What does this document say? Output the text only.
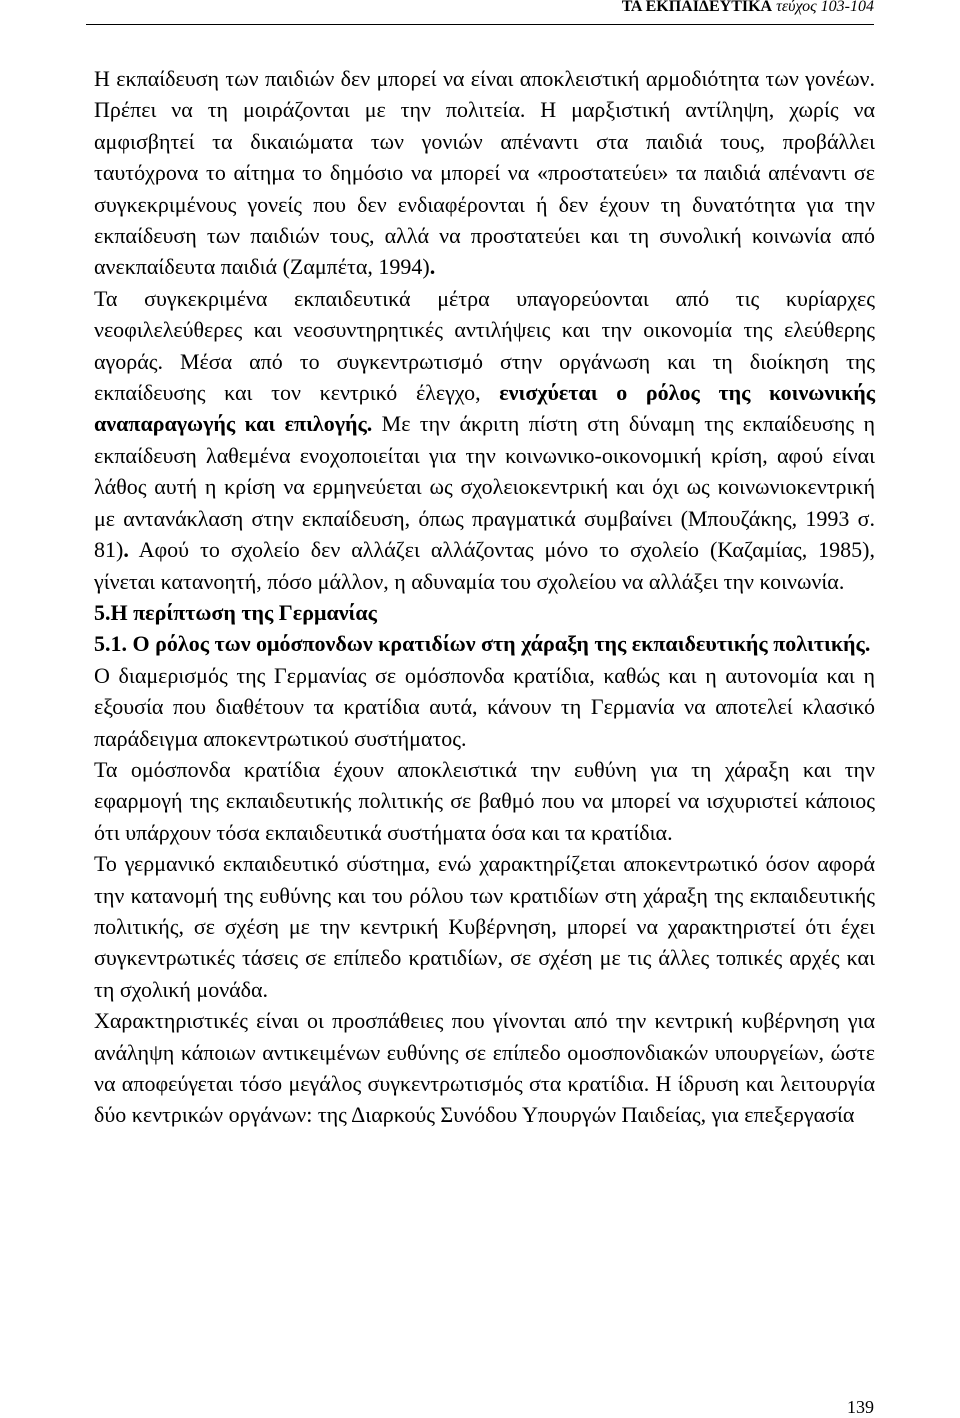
ΤΑ ΕΚΠΑΙΔΕΥΤΙΚΑ τεύχος 103-104

Η εκπαίδευση των παιδιών δεν μπορεί να είναι αποκλειστική αρμοδιότητα των γονέων. Πρέπει να τη μοιράζονται με την πολιτεία. Η μαρξιστική αντίληψη, χωρίς να αμφισβητεί τα δικαιώματα των γονιών απέναντι στα παιδιά τους, προβάλλει ταυτόχρονα το αίτημα το δημόσιο να μπορεί να «προστατεύει» τα παιδιά απέναντι σε συγκεκριμένους γονείς που δεν ενδιαφέρονται ή δεν έχουν τη δυνατότητα για την εκπαίδευση των παιδιών τους, αλλά να προστατεύει και τη συνολική κοινωνία από ανεκπαίδευτα παιδιά (Ζαμπέτα, 1994).

Τα συγκεκριμένα εκπαιδευτικά μέτρα υπαγορεύονται από τις κυρίαρχες νεοφιλελεύθερες και νεοσυντηρητικές αντιλήψεις και την οικονομία της ελεύθερης αγοράς. Μέσα από το συγκεντρωτισμό στην οργάνωση και τη διοίκηση της εκπαίδευσης και τον κεντρικό έλεγχο, ενισχύεται ο ρόλος της κοινωνικής αναπαραγωγής και επιλογής. Με την άκριτη πίστη στη δύναμη της εκπαίδευσης η εκπαίδευση λαθεμένα ενοχοποιείται για την κοινωνικο-οικονομική κρίση, αφού είναι λάθος αυτή η κρίση να ερμηνεύεται ως σχολειοκεντρική και όχι ως κοινωνιοκεντρική με αντανάκλαση στην εκπαίδευση, όπως πραγματικά συμβαίνει (Μπουζάκης, 1993 σ. 81). Αφού το σχολείο δεν αλλάζει αλλάζοντας μόνο το σχολείο (Καζαμίας, 1985), γίνεται κατανοητή, πόσο μάλλον, η αδυναμία του σχολείου να αλλάξει την κοινωνία.

5.Η περίπτωση της Γερμανίας

5.1. Ο ρόλος των ομόσπονδων κρατιδίων στη χάραξη της εκπαιδευτικής πολιτικής.

Ο διαμερισμός της Γερμανίας σε ομόσπονδα κρατίδια, καθώς και η αυτονομία και η εξουσία που διαθέτουν τα κρατίδια αυτά, κάνουν τη Γερμανία να αποτελεί κλασικό παράδειγμα αποκεντρωτικού συστήματος.

Τα ομόσπονδα κρατίδια έχουν αποκλειστικά την ευθύνη για τη χάραξη και την εφαρμογή της εκπαιδευτικής πολιτικής σε βαθμό που να μπορεί να ισχυριστεί κάποιος ότι υπάρχουν τόσα εκπαιδευτικά συστήματα όσα και τα κρατίδια.

Το γερμανικό εκπαιδευτικό σύστημα, ενώ χαρακτηρίζεται αποκεντρωτικό όσον αφορά την κατανομή της ευθύνης και του ρόλου των κρατιδίων στη χάραξη της εκπαιδευτικής πολιτικής, σε σχέση με την κεντρική Κυβέρνηση, μπορεί να χαρακτηριστεί ότι έχει συγκεντρωτικές τάσεις σε επίπεδο κρατιδίων, σε σχέση με τις άλλες τοπικές αρχές και τη σχολική μονάδα.

Χαρακτηριστικές είναι οι προσπάθειες που γίνονται από την κεντρική κυβέρνηση για ανάληψη κάποιων αντικειμένων ευθύνης σε επίπεδο ομοσπονδιακών υπουργείων, ώστε να αποφεύγεται τόσο μεγάλος συγκεντρωτισμός στα κρατίδια. Η ίδρυση και λειτουργία δύο κεντρικών οργάνων: της Διαρκούς Συνόδου Υπουργών Παιδείας, για επεξεργασία

139
